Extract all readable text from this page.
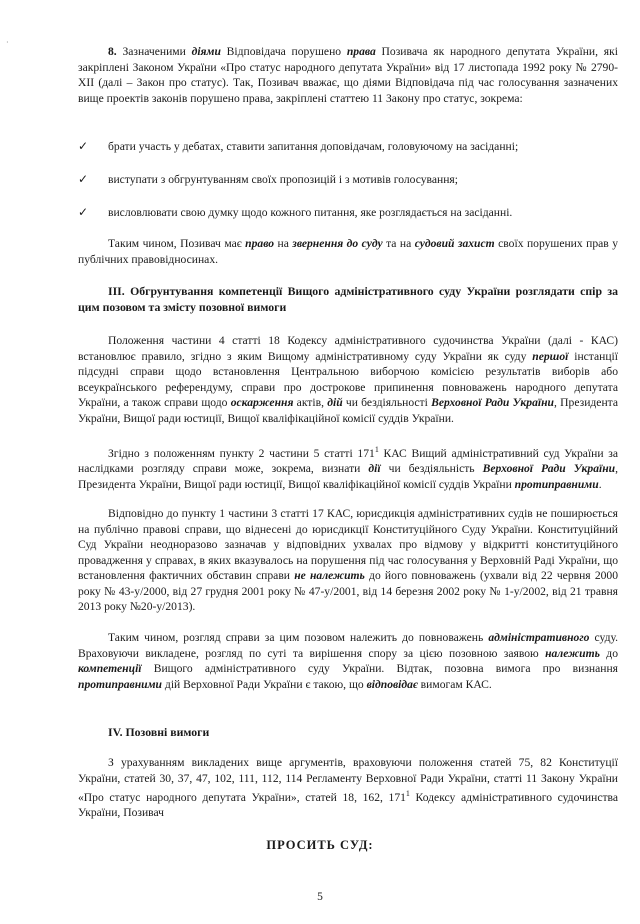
·

8. Зазначеними діями Відповідача порушено права Позивача як народного депутата України, які закріплені Законом України «Про статус народного депутата України» від 17 листопада 1992 року № 2790-XII (далі – Закон про статус). Так, Позивач вважає, що діями Відповідача під час голосування зазначених вище проектів законів порушено права, закріплені статтею 11 Закону про статус, зокрема:

✓	брати участь у дебатах, ставити запитання доповідачам, головуючому на засіданні;
✓	виступати з обгрунтуванням своїх пропозицій і з мотивів голосування;
✓	висловлювати свою думку щодо кожного питання, яке розглядається на засіданні.

Таким чином, Позивач має право на звернення до суду та на судовий захист своїх порушених прав у публічних правовідносинах.

III. Обгрунтування компетенції Вищого адміністративного суду України розглядати спір за цим позовом та змісту позовної вимоги

Положення частини 4 статті 18 Кодексу адміністративного судочинства України (далі - КАС) встановлює правило, згідно з яким Вищому адміністративному суду України як суду першої інстанції підсудні справи щодо встановлення Центральною виборчою комісією результатів виборів або всеукраїнського референдуму, справи про дострокове припинення повноважень народного депутата України, а також справи щодо оскарження актів, дій чи бездіяльності Верховної Ради України, Президента України, Вищої ради юстиції, Вищої кваліфікаційної комісії суддів України.

Згідно з положенням пункту 2 частини 5 статті $171^1$ КАС Вищий адміністративний суд України за наслідками розгляду справи може, зокрема, визнати дії чи бездіяльність Верховної Ради України, Президента України, Вищої ради юстиції, Вищої кваліфікаційної комісії суддів України протиправними.

Відповідно до пункту 1 частини 3 статті 17 КАС, юрисдикція адміністративних судів не поширюється на публічно правові справи, що віднесені до юрисдикції Конституційного Суду України. Конституційний Суд України неодноразово зазначав у відповідних ухвалах про відмову у відкритті конституційного провадження у справах, в яких вказувалось на порушення під час голосування у Верховній Раді України, що встановлення фактичних обставин справи не належить до його повноважень (ухвали від 22 червня 2000 року № 43-у/2000, від 27 грудня 2001 року № 47-у/2001, від 14 березня 2002 року № 1-у/2002, від 21 травня 2013 року №20-у/2013).

Таким чином, розгляд справи за цим позовом належить до повноважень адміністративного суду. Враховуючи викладене, розгляд по суті та вирішення спору за цією позовною заявою належить до компетенції Вищого адміністративного суду України. Відтак, позовна вимога про визнання протиправними дій Верховної Ради України є такою, що відповідає вимогам КАС.

IV. Позовні вимоги

З урахуванням викладених вище аргументів, враховуючи положення статей 75, 82 Конституції України, статей 30, 37, 47, 102, 111, 112, 114 Регламенту Верховної Ради України, статті 11 Закону України «Про статус народного депутата України», статей 18, 162, $171^1$ Кодексу адміністративного судочинства України, Позивач

ПРОСИТЬ СУД:
5
